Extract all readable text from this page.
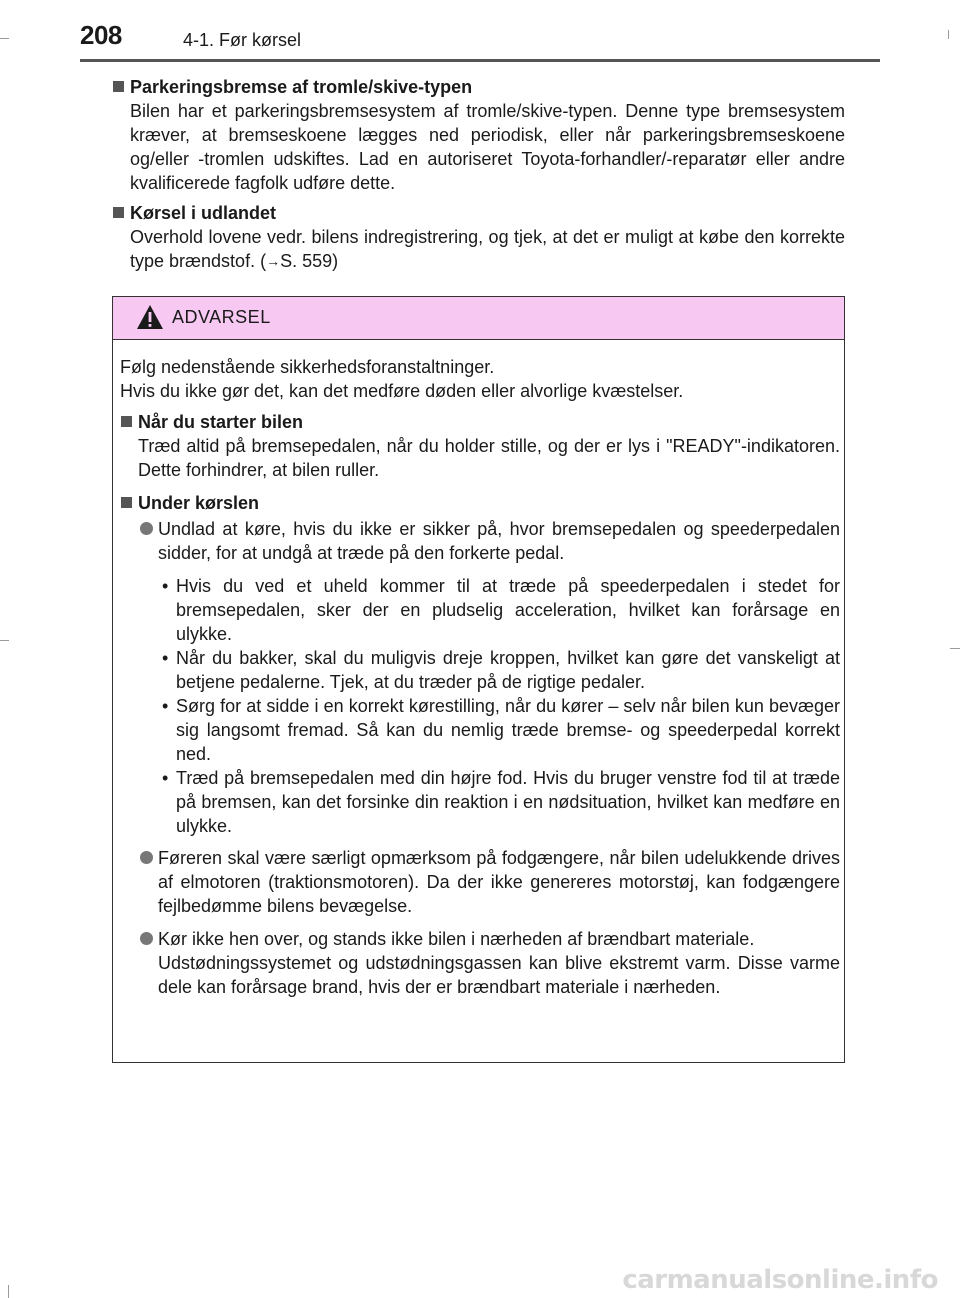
208	4-1. Før kørsel
Parkeringsbremse af tromle/skive-typen
Bilen har et parkeringsbremsesystem af tromle/skive-typen. Denne type bremsesystem kræver, at bremseskoene lægges ned periodisk, eller når parkeringsbremseskoene og/eller -tromlen udskiftes. Lad en autoriseret Toyota-forhandler/-reparatør eller andre kvalificerede fagfolk udføre dette.
Kørsel i udlandet
Overhold lovene vedr. bilens indregistrering, og tjek, at det er muligt at købe den korrekte type brændstof. (→S. 559)
ADVARSEL
Følg nedenstående sikkerhedsforanstaltninger.
Hvis du ikke gør det, kan det medføre døden eller alvorlige kvæstelser.
Når du starter bilen
Træd altid på bremsepedalen, når du holder stille, og der er lys i "READY"-indikatoren. Dette forhindrer, at bilen ruller.
Under kørslen
Undlad at køre, hvis du ikke er sikker på, hvor bremsepedalen og speederpedalen sidder, for at undgå at træde på den forkerte pedal.
• Hvis du ved et uheld kommer til at træde på speederpedalen i stedet for bremsepedalen, sker der en pludselig acceleration, hvilket kan forårsage en ulykke.
• Når du bakker, skal du muligvis dreje kroppen, hvilket kan gøre det vanskeligt at betjene pedalerne. Tjek, at du træder på de rigtige pedaler.
• Sørg for at sidde i en korrekt kørestilling, når du kører – selv når bilen kun bevæger sig langsomt fremad. Så kan du nemlig træde bremse- og speederpedal korrekt ned.
• Træd på bremsepedalen med din højre fod. Hvis du bruger venstre fod til at træde på bremsen, kan det forsinke din reaktion i en nødsituation, hvilket kan medføre en ulykke.
Føreren skal være særligt opmærksom på fodgængere, når bilen udelukkende drives af elmotoren (traktionsmotoren). Da der ikke genereres motorstøj, kan fodgængere fejlbedømme bilens bevægelse.
Kør ikke hen over, og stands ikke bilen i nærheden af brændbart materiale.
Udstødningssystemet og udstødningsgassen kan blive ekstremt varm. Disse varme dele kan forårsage brand, hvis der er brændbart materiale i nærheden.
carmanualsonline.info
